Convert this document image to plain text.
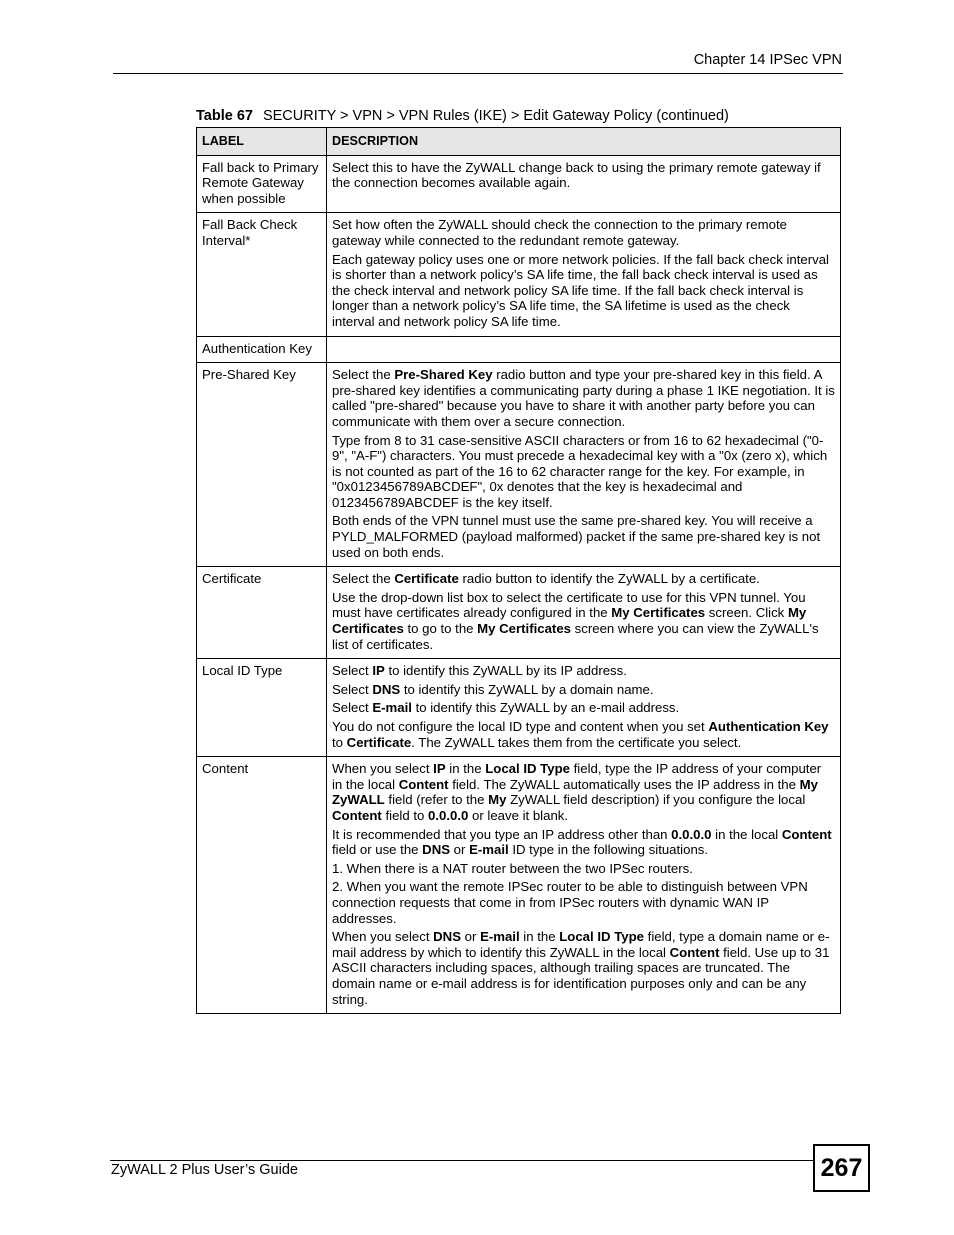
Chapter 14 IPSec VPN
Table 67 SECURITY > VPN > VPN Rules (IKE) > Edit Gateway Policy (continued)
LABEL	DESCRIPTION
Fall back to Primary Remote Gateway when possible	Select this to have the ZyWALL change back to using the primary remote gateway if the connection becomes available again.

Fall Back Check Interval*	Set how often the ZyWALL should check the connection to the primary remote gateway while connected to the redundant remote gateway.

Each gateway policy uses one or more network policies. If the fall back check interval is shorter than a network policy’s SA life time, the fall back check interval is used as the check interval and network policy SA life time. If the fall back check interval is longer than a network policy’s SA life time, the SA lifetime is used as the check interval and network policy SA life time.

Authentication Key	
Pre-Shared Key	Select the Pre-Shared Key radio button and type your pre-shared key in this field. A pre-shared key identifies a communicating party during a phase 1 IKE negotiation. It is called "pre-shared" because you have to share it with another party before you can communicate with them over a secure connection.

Type from 8 to 31 case-sensitive ASCII characters or from 16 to 62 hexadecimal ("0-9", "A-F") characters. You must precede a hexadecimal key with a "0x (zero x), which is not counted as part of the 16 to 62 character range for the key. For example, in "0x0123456789ABCDEF", 0x denotes that the key is hexadecimal and 0123456789ABCDEF is the key itself.

Both ends of the VPN tunnel must use the same pre-shared key. You will receive a PYLD_MALFORMED (payload malformed) packet if the same pre-shared key is not used on both ends.

Certificate	Select the Certificate radio button to identify the ZyWALL by a certificate.

Use the drop-down list box to select the certificate to use for this VPN tunnel. You must have certificates already configured in the My Certificates screen. Click My Certificates to go to the My Certificates screen where you can view the ZyWALL's list of certificates.

Local ID Type	Select IP to identify this ZyWALL by its IP address.

Select DNS to identify this ZyWALL by a domain name.

Select E-mail to identify this ZyWALL by an e-mail address.

You do not configure the local ID type and content when you set Authentication Key to Certificate. The ZyWALL takes them from the certificate you select.

Content	When you select IP in the Local ID Type field, type the IP address of your computer in the local Content field. The ZyWALL automatically uses the IP address in the My ZyWALL field (refer to the My ZyWALL field description) if you configure the local Content field to 0.0.0.0 or leave it blank.

It is recommended that you type an IP address other than 0.0.0.0 in the local Content field or use the DNS or E-mail ID type in the following situations.

1. When there is a NAT router between the two IPSec routers.

2. When you want the remote IPSec router to be able to distinguish between VPN connection requests that come in from IPSec routers with dynamic WAN IP addresses.

When you select DNS or E-mail in the Local ID Type field, type a domain name or e-mail address by which to identify this ZyWALL in the local Content field. Use up to 31 ASCII characters including spaces, although trailing spaces are truncated. The domain name or e-mail address is for identification purposes only and can be any string.

ZyWALL 2 Plus User’s Guide	267
